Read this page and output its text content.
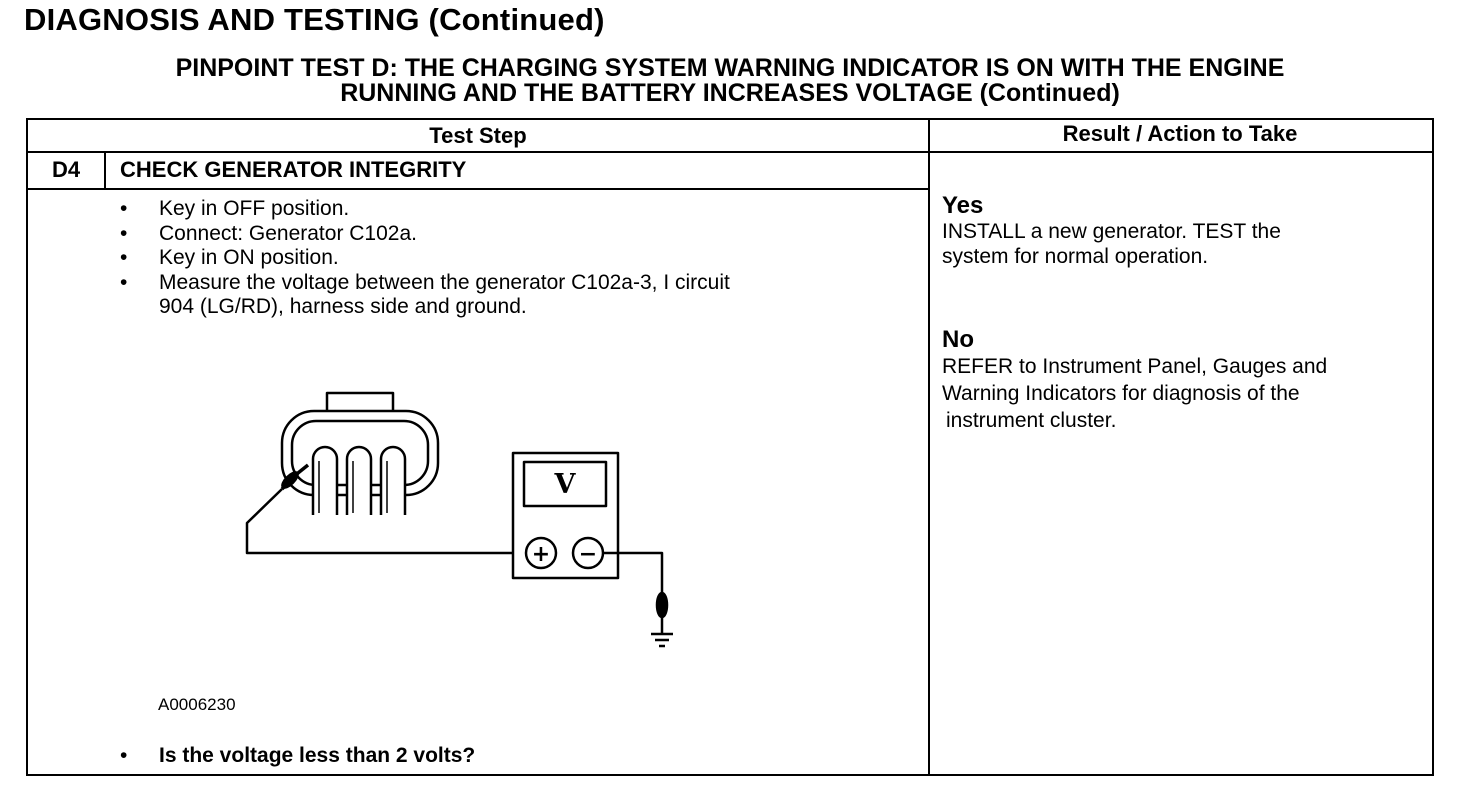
DIAGNOSIS AND TESTING (Continued)
PINPOINT TEST D: THE CHARGING SYSTEM WARNING INDICATOR IS ON WITH THE ENGINE
RUNNING AND THE BATTERY INCREASES VOLTAGE (Continued)
Test Step	Result / Action to Take
D4	CHECK GENERATOR INTEGRITY
• Key in OFF position.
• Connect: Generator C102a.
• Key in ON position.
• Measure the voltage between the generator C102a-3, I circuit
904 (LG/RD), harness side and ground.
V
+ −
A0006230
• Is the voltage less than 2 volts?
Yes
INSTALL a new generator. TEST the
system for normal operation.
No
REFER to Instrument Panel, Gauges and
Warning Indicators for diagnosis of the
instrument cluster.
